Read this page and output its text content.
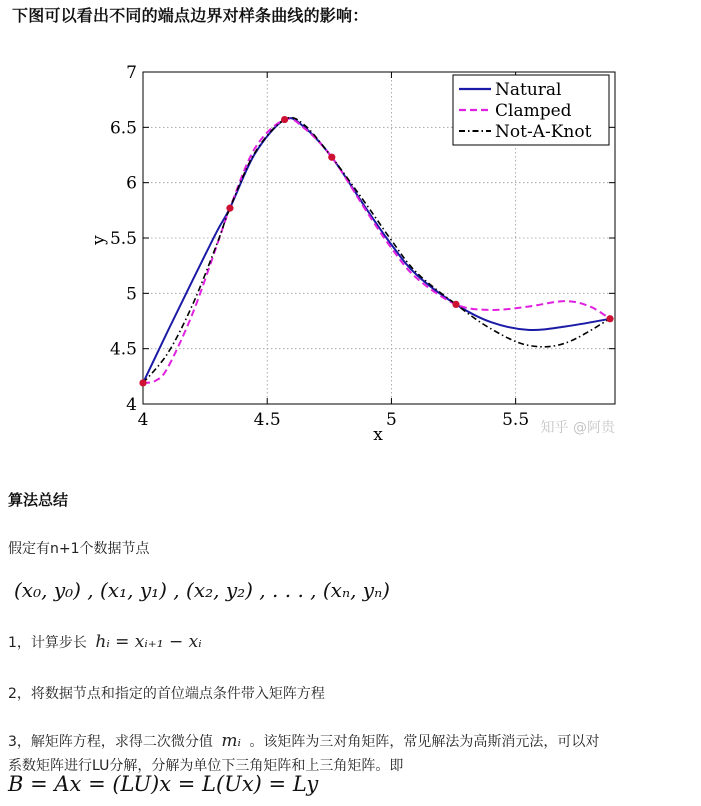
下图可以看出不同的端点边界对样条曲线的影响：
4	4.5	5	5.5
4
4.5
5
5.5
6
6.5
7
x
y
Natural
Clamped
Not-A-Knot
知乎 @阿贵
算法总结
假定有n+1个数据节点
(x₀, y₀) , (x₁, y₁) , (x₂, y₂) , . . . , (xₙ, yₙ)
1，计算步长 hᵢ = xᵢ₊₁ − xᵢ
2，将数据节点和指定的首位端点条件带入矩阵方程
3，解矩阵方程，求得二次微分值 mᵢ 。该矩阵为三对角矩阵，常见解法为高斯消元法，可以对
系数矩阵进行LU分解，分解为单位下三角矩阵和上三角矩阵。即
B = Ax = (LU)x = L(Ux) = Ly
